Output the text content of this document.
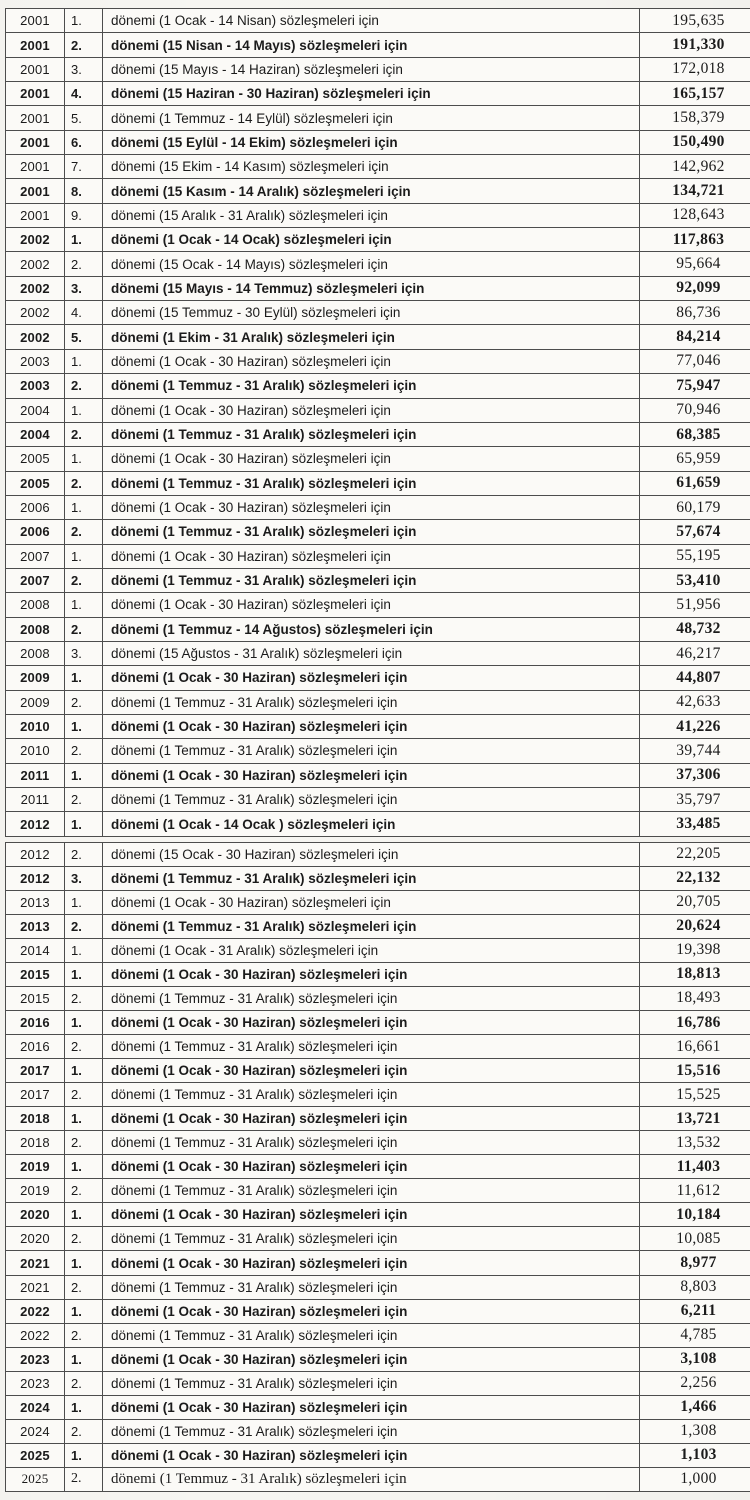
2001	1.	dönemi (1 Ocak - 14 Nisan) sözleşmeleri için	195,635
2001	2.	dönemi (15 Nisan - 14 Mayıs) sözleşmeleri için	191,330
2001	3.	dönemi (15 Mayıs - 14 Haziran) sözleşmeleri için	172,018
2001	4.	dönemi (15 Haziran - 30 Haziran) sözleşmeleri için	165,157
2001	5.	dönemi (1 Temmuz - 14 Eylül) sözleşmeleri için	158,379
2001	6.	dönemi (15 Eylül - 14 Ekim) sözleşmeleri için	150,490
2001	7.	dönemi (15 Ekim - 14 Kasım) sözleşmeleri için	142,962
2001	8.	dönemi (15 Kasım - 14 Aralık) sözleşmeleri için	134,721
2001	9.	dönemi (15 Aralık - 31 Aralık) sözleşmeleri için	128,643
2002	1.	dönemi (1 Ocak - 14 Ocak) sözleşmeleri için	117,863
2002	2.	dönemi (15 Ocak - 14 Mayıs) sözleşmeleri için	95,664
2002	3.	dönemi (15 Mayıs - 14 Temmuz) sözleşmeleri için	92,099
2002	4.	dönemi (15 Temmuz - 30 Eylül) sözleşmeleri için	86,736
2002	5.	dönemi (1 Ekim - 31 Aralık) sözleşmeleri için	84,214
2003	1.	dönemi (1 Ocak - 30 Haziran) sözleşmeleri için	77,046
2003	2.	dönemi (1 Temmuz - 31 Aralık) sözleşmeleri için	75,947
2004	1.	dönemi (1 Ocak - 30 Haziran) sözleşmeleri için	70,946
2004	2.	dönemi (1 Temmuz - 31 Aralık) sözleşmeleri için	68,385
2005	1.	dönemi (1 Ocak - 30 Haziran) sözleşmeleri için	65,959
2005	2.	dönemi (1 Temmuz - 31 Aralık) sözleşmeleri için	61,659
2006	1.	dönemi (1 Ocak - 30 Haziran) sözleşmeleri için	60,179
2006	2.	dönemi (1 Temmuz - 31 Aralık) sözleşmeleri için	57,674
2007	1.	dönemi (1 Ocak - 30 Haziran) sözleşmeleri için	55,195
2007	2.	dönemi (1 Temmuz - 31 Aralık) sözleşmeleri için	53,410
2008	1.	dönemi (1 Ocak - 30 Haziran) sözleşmeleri için	51,956
2008	2.	dönemi (1 Temmuz - 14 Ağustos) sözleşmeleri için	48,732
2008	3.	dönemi (15 Ağustos - 31 Aralık) sözleşmeleri için	46,217
2009	1.	dönemi (1 Ocak - 30 Haziran) sözleşmeleri için	44,807
2009	2.	dönemi (1 Temmuz - 31 Aralık) sözleşmeleri için	42,633
2010	1.	dönemi (1 Ocak - 30 Haziran) sözleşmeleri için	41,226
2010	2.	dönemi (1 Temmuz - 31 Aralık) sözleşmeleri için	39,744
2011	1.	dönemi (1 Ocak - 30 Haziran) sözleşmeleri için	37,306
2011	2.	dönemi (1 Temmuz - 31 Aralık) sözleşmeleri için	35,797
2012	1.	dönemi (1 Ocak - 14 Ocak ) sözleşmeleri için	33,485
2012	2.	dönemi (15 Ocak - 30 Haziran) sözleşmeleri için	22,205
2012	3.	dönemi (1 Temmuz - 31 Aralık) sözleşmeleri için	22,132
2013	1.	dönemi (1 Ocak - 30 Haziran) sözleşmeleri için	20,705
2013	2.	dönemi (1 Temmuz - 31 Aralık) sözleşmeleri için	20,624
2014	1.	dönemi (1 Ocak - 31 Aralık) sözleşmeleri için	19,398
2015	1.	dönemi (1 Ocak - 30 Haziran) sözleşmeleri için	18,813
2015	2.	dönemi (1 Temmuz - 31 Aralık) sözleşmeleri için	18,493
2016	1.	dönemi (1 Ocak - 30 Haziran) sözleşmeleri için	16,786
2016	2.	dönemi (1 Temmuz - 31 Aralık) sözleşmeleri için	16,661
2017	1.	dönemi (1 Ocak - 30 Haziran) sözleşmeleri için	15,516
2017	2.	dönemi (1 Temmuz - 31 Aralık) sözleşmeleri için	15,525
2018	1.	dönemi (1 Ocak - 30 Haziran) sözleşmeleri için	13,721
2018	2.	dönemi (1 Temmuz - 31 Aralık) sözleşmeleri için	13,532
2019	1.	dönemi (1 Ocak - 30 Haziran) sözleşmeleri için	11,403
2019	2.	dönemi (1 Temmuz - 31 Aralık) sözleşmeleri için	11,612
2020	1.	dönemi (1 Ocak - 30 Haziran) sözleşmeleri için	10,184
2020	2.	dönemi (1 Temmuz - 31 Aralık) sözleşmeleri için	10,085
2021	1.	dönemi (1 Ocak - 30 Haziran) sözleşmeleri için	8,977
2021	2.	dönemi (1 Temmuz - 31 Aralık) sözleşmeleri için	8,803
2022	1.	dönemi (1 Ocak - 30 Haziran) sözleşmeleri için	6,211
2022	2.	dönemi (1 Temmuz - 31 Aralık) sözleşmeleri için	4,785
2023	1.	dönemi (1 Ocak - 30 Haziran) sözleşmeleri için	3,108
2023	2.	dönemi (1 Temmuz - 31 Aralık) sözleşmeleri için	2,256
2024	1.	dönemi (1 Ocak - 30 Haziran) sözleşmeleri için	1,466
2024	2.	dönemi (1 Temmuz - 31 Aralık) sözleşmeleri için	1,308
2025	1.	dönemi (1 Ocak - 30 Haziran) sözleşmeleri için	1,103
2025	2.	dönemi (1 Temmuz - 31 Aralık) sözleşmeleri için	1,000
